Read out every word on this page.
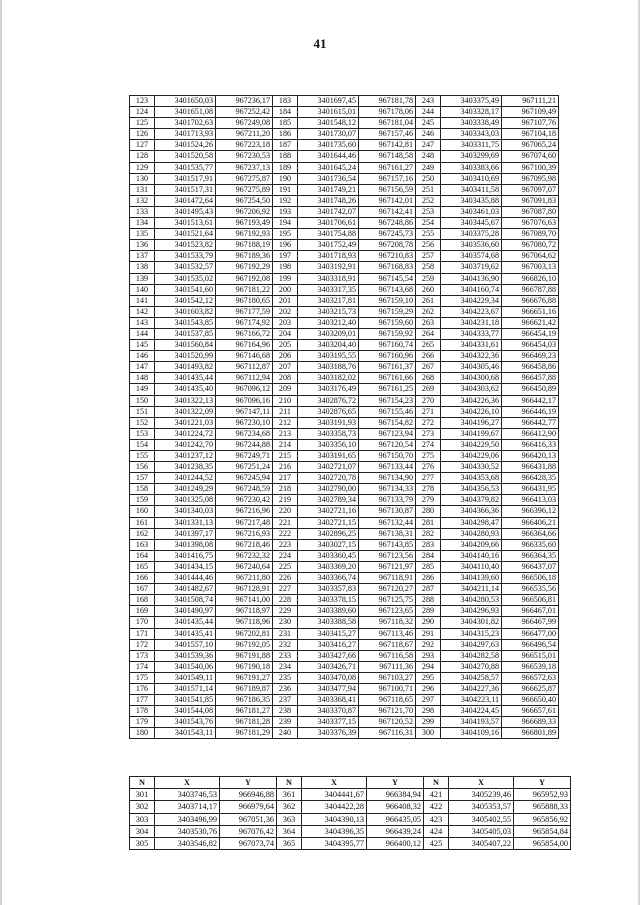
41
123	3401650,03	967236,17	183	3401697,45	967181,78	243	3403375,49	967111,21
124	3401651,08	967252,42	184	3401615,01	967178,06	244	3403328,17	967109,49
125	3401702,63	967249,08	185	3401548,12	967181,04	245	3403338,49	967107,76
126	3401713,93	967211,20	186	3401730,07	967157,46	246	3403343,03	967104,18
127	3401524,26	967223,18	187	3401735,60	967142,81	247	3403311,75	967065,24
128	3401520,58	967230,53	188	3401644,46	967148,58	248	3403299,69	967074,60
129	3401535,77	967237,13	189	3401645,24	967161,27	249	3403383,66	967100,39
130	3401517,91	967275,87	190	3401736,54	967157,16	250	3403410,69	967095,98
131	3401517,31	967275,89	191	3401749,21	967156,59	251	3403411,58	967097,07
132	3401472,64	967254,50	192	3401748,26	967142,01	252	3403435,88	967091,83
133	3401495,43	967206,92	193	3401742,07	967142,41	253	3403461,03	967087,80
134	3401513,61	967193,49	194	3401706,61	967248,86	254	3403445,67	967076,63
135	3401521,64	967192,93	195	3401754,88	967245,73	255	3403375,28	967089,70
136	3401523,82	967188,19	196	3401752,49	967208,78	256	3403536,60	967080,72
137	3401533,79	967189,36	197	3401718,93	967210,83	257	3403574,68	967064,62
138	3401532,57	967192,29	198	3403192,91	967168,83	258	3403719,62	967003,13
139	3401535,02	967192,08	199	3403318,91	967145,54	259	3404136,90	966826,10
140	3401541,60	967181,22	200	3403317,35	967143,68	260	3404160,74	966787,88
141	3401542,12	967180,65	201	3403217,81	967159,10	261	3404229,34	966676,88
142	3401603,82	967177,59	202	3403215,73	967159,29	262	3404223,67	966651,16
143	3401543,85	967174,92	203	3403212,40	967159,60	263	3404231,18	966621,42
144	3401537,85	967166,72	204	3403209,01	967159,92	264	3404333,77	966454,19
145	3401560,84	967164,96	205	3403204,40	967160,74	265	3404331,61	966454,03
146	3401520,99	967146,68	206	3403195,55	967160,96	266	3404322,36	966469,23
147	3401493,82	967112,87	207	3403188,76	967161,37	267	3404305,46	966458,86
148	3401435,44	967112,94	208	3403182,02	967161,66	268	3404300,68	966457,88
149	3401435,40	967096,12	209	3403176,49	967161,25	269	3404303,62	966450,89
150	3401322,13	967096,16	210	3402876,72	967154,23	270	3404226,36	966442,17
151	3401322,09	967147,11	211	3402876,65	967155,46	271	3404226,10	966446,19
152	3401221,03	967230,10	212	3403191,93	967154,82	272	3404196,27	966442,77
153	3401224,72	967234,68	213	3403358,73	967123,94	273	3404199,67	966412,90
154	3401242,70	967244,88	214	3403356,10	967120,54	274	3404229,50	966416,33
155	3401237,12	967249,71	215	3403191,65	967150,70	275	3404229,06	966420,13
156	3401238,35	967251,24	216	3402721,07	967133,44	276	3404330,52	966431,88
157	3401244,52	967245,94	217	3402720,78	967134,90	277	3404353,68	966428,35
158	3401249,29	967248,59	218	3402790,00	967134,33	278	3404356,53	966431,95
159	3401325,08	967230,42	219	3402789,34	967133,79	279	3404379,82	966413,03
160	3401340,03	967216,96	220	3402721,16	967130,87	280	3404366,36	966396,12
161	3401331,13	967217,48	221	3402721,15	967132,44	281	3404298,47	966406,21
162	3401397,17	967216,93	222	3402896,25	967138,31	282	3404280,93	966364,66
163	3401398,08	967218,46	223	3403027,15	967143,85	283	3404209,66	966335,60
164	3401416,75	967232,32	224	3403360,45	967123,56	284	3404140,16	966364,35
165	3401434,15	967240,64	225	3403369,20	967121,97	285	3404110,40	966437,07
166	3401444,46	967211,80	226	3403366,74	967118,91	286	3404139,60	966506,18
167	3401482,67	967128,91	227	3403357,83	967120,27	287	3404211,14	966535,56
168	3401508,74	967141,00	228	3403378,15	967125,75	288	3404280,53	966506,81
169	3401490,97	967118,97	229	3403389,60	967123,65	289	3404296,93	966467,01
170	3401435,44	967118,96	230	3403388,58	967118,32	290	3404301,82	966467,99
171	3401435,41	967202,81	231	3403415,27	967113,46	291	3404315,23	966477,00
172	3401557,10	967192,05	232	3403416,27	967118,67	292	3404297,63	966496,54
173	3401539,36	967191,88	233	3403427,66	967116,58	293	3404282,58	966515,01
174	3401540,06	967190,18	234	3403426,71	967111,36	294	3404270,88	966539,18
175	3401549,11	967191,27	235	3403470,08	967103,27	295	3404258,57	966572,63
176	3401571,14	967189,87	236	3403477,94	967100,71	296	3404227,36	966625,87
177	3401541,85	967186,35	237	3403368,41	967118,65	297	3404223,11	966650,40
178	3401544,08	967181,27	238	3403370,87	967121,70	298	3404224,45	966657,61
179	3401543,76	967181,28	239	3403377,15	967120,52	299	3404193,57	966689,33
180	3401543,11	967181,29	240	3403376,39	967116,31	300	3404109,16	966801,89
N	X	Y	N	X	Y	N	X	Y
301	3403746,53	966946,88	361	3404441,67	966384,94	421	3405239,46	965952,93
302	3403714,17	966979,64	362	3404422,28	966408,32	422	3405353,57	965888,33
303	3403496,99	967051,36	363	3404390,13	966435,05	423	3405402,55	965856,92
304	3403530,76	967076,42	364	3404396,35	966439,24	424	3405405,03	965854,84
305	3403546,82	967073,74	365	3404395,77	966400,12	425	3405407,22	965854,00
